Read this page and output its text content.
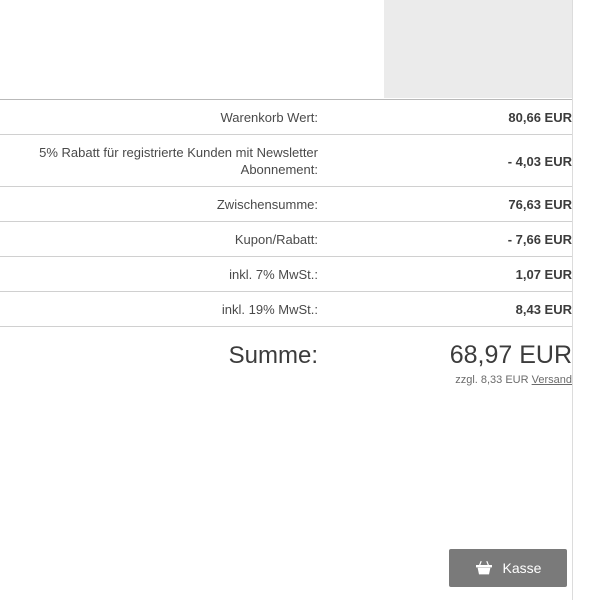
Warenkorb Wert:	80,66 EUR
5% Rabatt für registrierte Kunden mit Newsletter Abonnement:	- 4,03 EUR
Zwischensumme:	76,63 EUR
Kupon/Rabatt:	- 7,66 EUR
inkl. 7% MwSt.:	1,07 EUR
inkl. 19% MwSt.:	8,43 EUR
Summe:	68,97 EUR
	zzgl. 8,33 EUR Versand
Kasse
